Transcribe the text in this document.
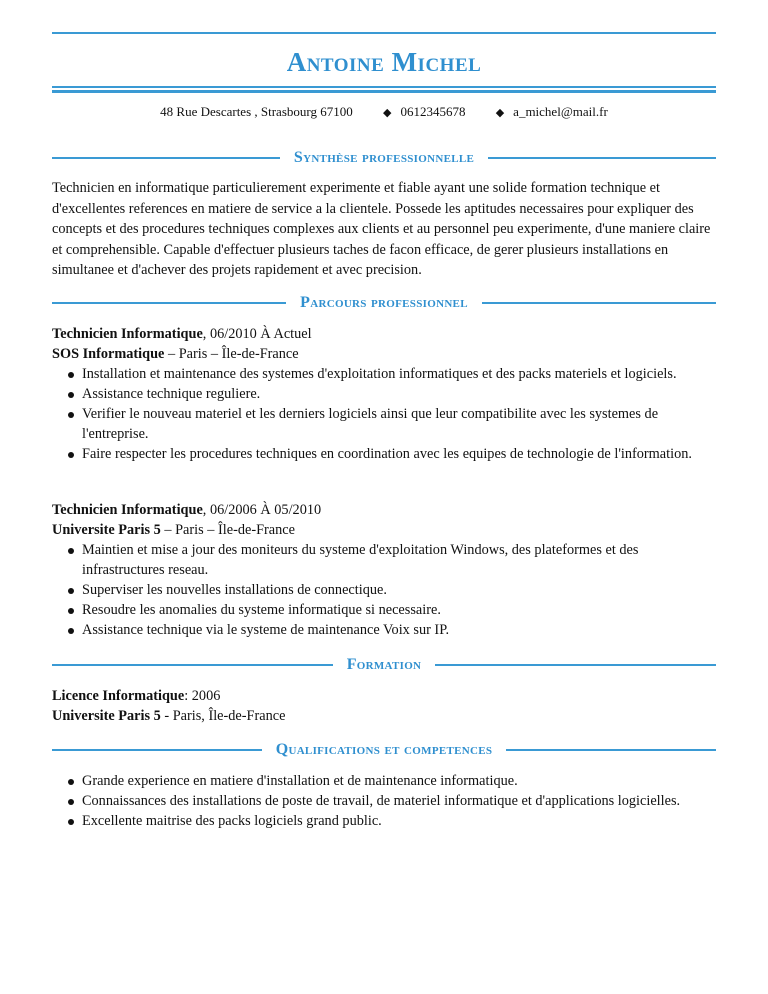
Antoine Michel
48 Rue Descartes , Strasbourg 67100	◆ 0612345678	◆ a_michel@mail.fr
Synthèse professionnelle
Technicien en informatique particulierement experimente et fiable ayant une solide formation technique et d'excellentes references en matiere de service a la clientele. Possede les aptitudes necessaires pour expliquer des concepts et des procedures techniques complexes aux clients et au personnel peu experimente, d'une maniere claire et comprehensible. Capable d'effectuer plusieurs taches de facon efficace, de gerer plusieurs installations en simultanee et d'achever des projets rapidement et avec precision.
Parcours professionnel
Technicien Informatique, 06/2010 À Actuel
SOS Informatique – Paris – Île-de-France
Installation et maintenance des systemes d'exploitation informatiques et des packs materiels et logiciels.
Assistance technique reguliere.
Verifier le nouveau materiel et les derniers logiciels ainsi que leur compatibilite avec les systemes de l'entreprise.
Faire respecter les procedures techniques en coordination avec les equipes de technologie de l'information.
Technicien Informatique, 06/2006 À 05/2010
Universite Paris 5 – Paris – Île-de-France
Maintien et mise a jour des moniteurs du systeme d'exploitation Windows, des plateformes et des infrastructures reseau.
Superviser les nouvelles installations de connectique.
Resoudre les anomalies du systeme informatique si necessaire.
Assistance technique via le systeme de maintenance Voix sur IP.
Formation
Licence Informatique: 2006
Universite Paris 5 - Paris, Île-de-France
Qualifications et competences
Grande experience en matiere d'installation et de maintenance informatique.
Connaissances des installations de poste de travail, de materiel informatique et d'applications logicielles.
Excellente maitrise des packs logiciels grand public.
